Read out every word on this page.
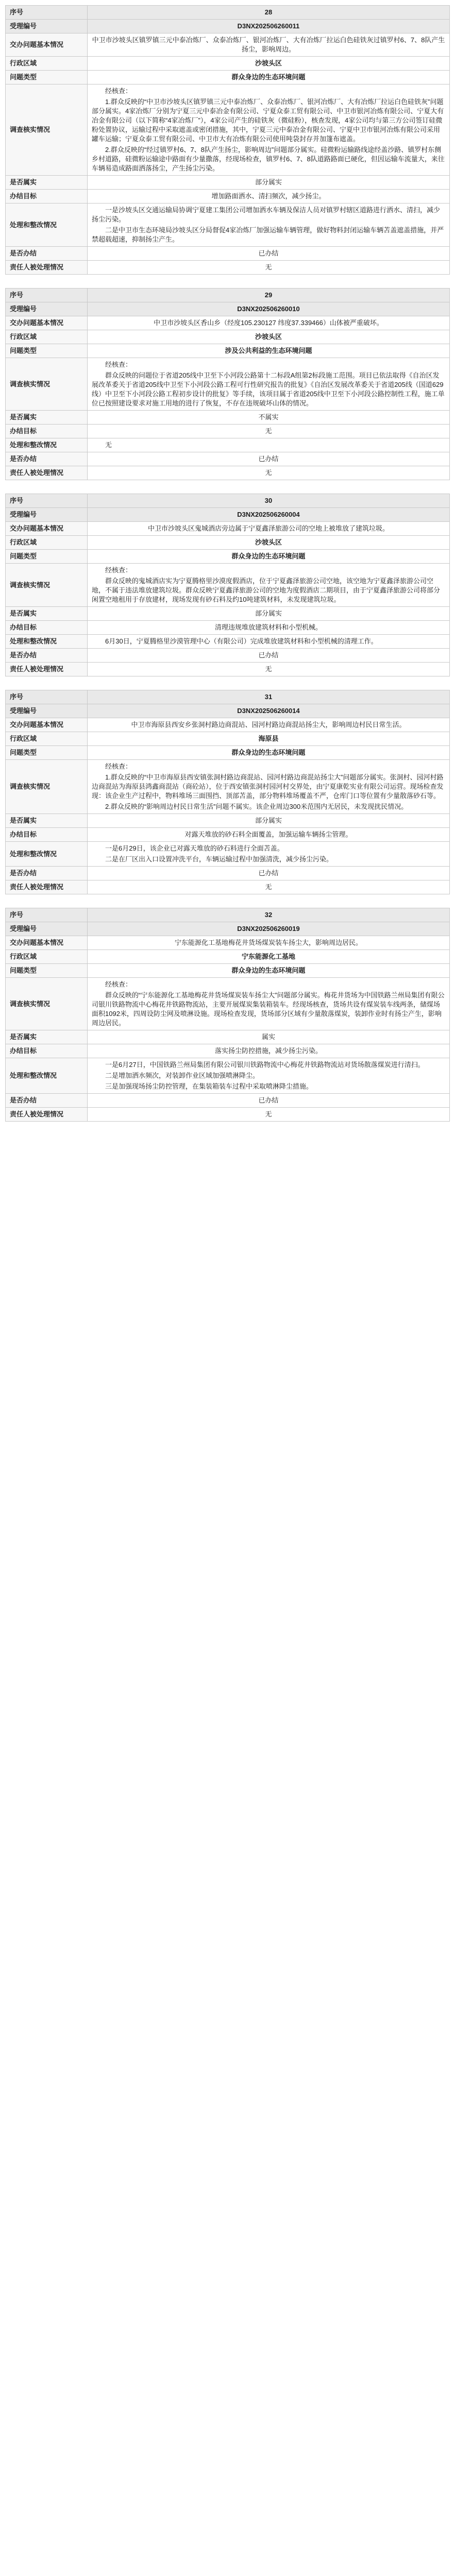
序号	28
受理编号	D3NX202506260011
交办问题基本情况	中卫市沙坡头区镇罗镇三元中泰冶炼厂、众泰冶炼厂、银河冶炼厂、大有冶炼厂拉运白色硅铁灰过镇罗村6、7、8队产生扬尘，影响周边。
行政区域	沙坡头区
问题类型	群众身边的生态环境问题
调查核实情况	经核查：

1.群众反映的“中卫市沙坡头区镇罗镇三元中泰冶炼厂、众泰冶炼厂、银河冶炼厂、大有冶炼厂拉运白色硅铁灰”问题部分属实。4家冶炼厂分别为宁夏三元中泰冶金有限公司、宁夏众泰工贸有限公司、中卫市银河冶炼有限公司、宁夏大有冶金有限公司（以下简称“4家冶炼厂”），4家公司产生的硅铁灰（微硅粉），核查发现，4家公司均与第三方公司签订硅微粉处置协议，运输过程中采取遮盖或密闭措施，其中，宁夏三元中泰冶金有限公司、宁夏中卫市银河冶炼有限公司采用罐车运输；宁夏众泰工贸有限公司、中卫市大有冶炼有限公司使用吨袋封存并加篷布遮盖。

2.群众反映的“经过镇罗村6、7、8队产生扬尘，影响周边”问题部分属实。硅微粉运输路线途经盖沙路、镇罗村东侧乡村道路，硅微粉运输途中路面有少量撒落，经现场检查，镇罗村6、7、8队道路路面已硬化，但因运输车流量大，来往车辆易造成路面洒落扬尘，产生扬尘污染。

是否属实	部分属实
办结目标	增加路面洒水、清扫频次，减少扬尘。
处理和整改情况	一是沙坡头区交通运输局协调宁夏建工集团公司增加洒水车辆及保洁人员对镇罗村辖区道路进行洒水、清扫，减少扬尘污染。

二是中卫市生态环境局沙坡头区分局督促4家冶炼厂加强运输车辆管理，做好物料封闭运输车辆苫盖遮盖措施，并严禁超载超速，抑制扬尘产生。

是否办结	已办结
责任人被处理情况	无
序号	29
受理编号	D3NX202506260010
交办问题基本情况	中卫市沙坡头区香山乡（经度105.230127 纬度37.339466）山体被严重破坏。
行政区域	沙坡头区
问题类型	涉及公共利益的生态环境问题
调查核实情况	经核查：

群众反映的问题位于省道205线中卫至下小河段公路第十二标段A组第2标段施工范围。项目已依法取得《自治区发展改革委关于省道205线中卫至下小河段公路工程可行性研究报告的批复》《自治区发展改革委关于省道205线（国道629线）中卫至下小河段公路工程初步设计的批复》等手续，该项目属于省道205线中卫至下小河段公路控制性工程，施工单位已按照建设要求对施工用地的进行了恢复，不存在违规破坏山体的情况。

是否属实	不属实
办结目标	无
处理和整改情况	无

是否办结	已办结
责任人被处理情况	无
序号	30
受理编号	D3NX202506260004
交办问题基本情况	中卫市沙坡头区鬼城酒店旁边属于宁夏鑫泽旅游公司的空地上被堆放了建筑垃圾。
行政区域	沙坡头区
问题类型	群众身边的生态环境问题
调查核实情况	经核查：

群众反映的鬼城酒店实为宁夏腾格里沙漠度假酒店，位于宁夏鑫泽旅游公司空地，该空地为宁夏鑫泽旅游公司空地，不属于违法堆放建筑垃圾。群众反映宁夏鑫泽旅游公司的空地为度假酒店二期项目，由于宁夏鑫泽旅游公司将部分闲置空地租用于存放建材，现场发现有砂石料及约10吨建筑材料，未发现建筑垃圾。

是否属实	部分属实
办结目标	清理违规堆放建筑材料和小型机械。
处理和整改情况	6月30日，宁夏腾格里沙漠管理中心（有限公司）完成堆放建筑材料和小型机械的清理工作。

是否办结	已办结
责任人被处理情况	无
序号	31
受理编号	D3NX202506260014
交办问题基本情况	中卫市海原县西安乡张洞村路边商混站、园河村路边商混站扬尘大，影响周边村民日常生活。
行政区域	海原县
问题类型	群众身边的生态环境问题
调查核实情况	经核查：

1.群众反映的“中卫市海原县西安镇张洞村路边商混站、园河村路边商混站扬尘大”问题部分属实。张洞村、园河村路边商混站为海原县鸿鑫商混站（商砼站），位于西安镇张洞村园河村交界处，由宁夏康乾实业有限公司运营。现场检查发现：该企业生产过程中，物料堆场三面围挡、顶部苫盖，部分物料堆场覆盖不严，仓库门口等位置有少量散落砂石等。

2.群众反映的“影响周边村民日常生活”问题不属实。该企业周边300米范围内无居民，未发现扰民情况。

是否属实	部分属实
办结目标	对露天堆放的砂石料全面覆盖，加强运输车辆扬尘管理。
处理和整改情况	一是6月29日，该企业已对露天堆放的砂石料进行全面苫盖。

二是在厂区出入口设置冲洗平台，车辆运输过程中加强清洗，减少扬尘污染。

是否办结	已办结
责任人被处理情况	无
序号	32
受理编号	D3NX202506260019
交办问题基本情况	宁东能源化工基地梅花井货场煤炭装车扬尘大，影响周边居民。
行政区域	宁东能源化工基地
问题类型	群众身边的生态环境问题
调查核实情况	经核查：

群众反映的“宁东能源化工基地梅花井货场煤炭装车扬尘大”问题部分属实。梅花井货场为中国铁路兰州局集团有限公司银川铁路物流中心梅花井铁路物流站，主要开展煤炭集装箱装车。经现场核查，货场共设有煤炭装车线两条，储煤场面积1092米，四周设防尘网及喷淋设施。现场检查发现，货场部分区域有少量散落煤炭，装卸作业时有扬尘产生，影响周边居民。

是否属实	属实
办结目标	落实扬尘防控措施，减少扬尘污染。
处理和整改情况	一是6月27日，中国铁路兰州局集团有限公司银川铁路物流中心梅花井铁路物流站对货场散落煤炭进行清扫。

二是增加洒水频次，对装卸作业区域加强喷淋降尘。

三是加强现场扬尘防控管理，在集装箱装车过程中采取喷淋降尘措施。

是否办结	已办结
责任人被处理情况	无
